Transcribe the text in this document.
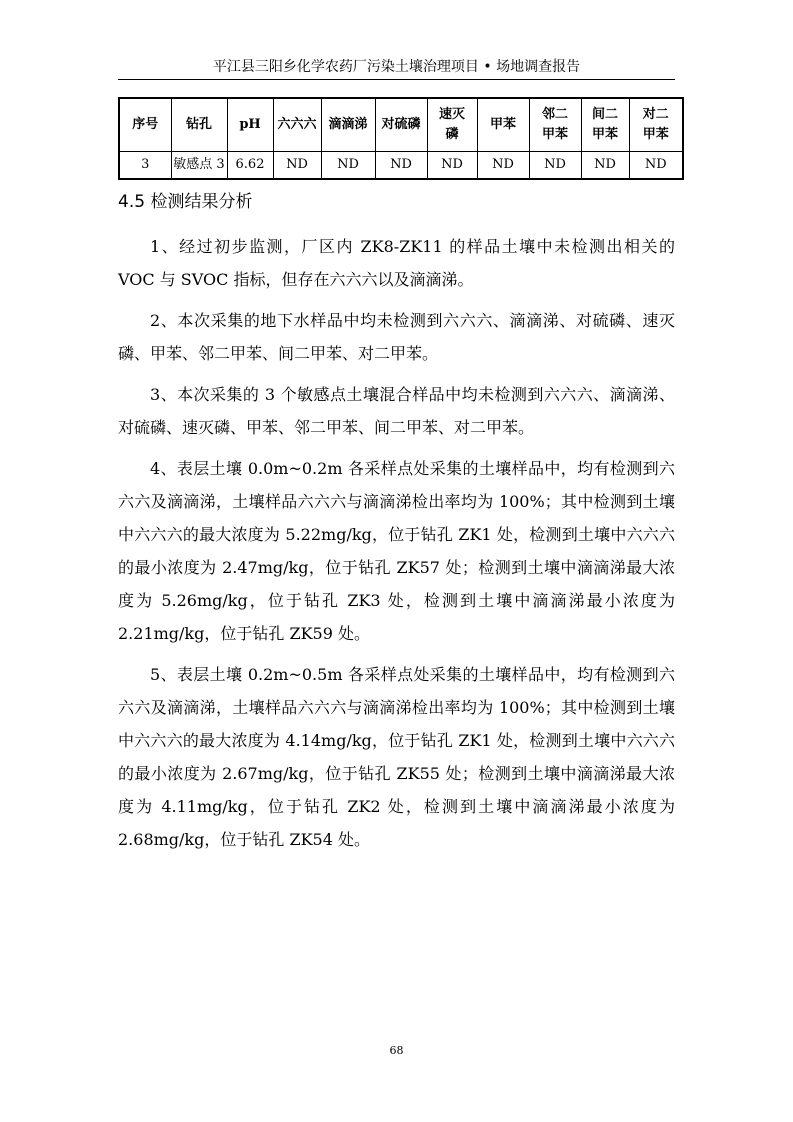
平江县三阳乡化学农药厂污染土壤治理项目 • 场地调查报告
序号	钻孔	pH	六六六	滴滴涕	对硫磷	速灭磷	甲苯	邻二甲苯	间二甲苯	对二甲苯

3	敏感点 3	6.62	ND	ND	ND	ND	ND	ND	ND	ND
4.5 检测结果分析

1、经过初步监测，厂区内 ZK8-ZK11 的样品土壤中未检测出相关的 VOC 与 SVOC 指标，但存在六六六以及滴滴涕。

2、本次采集的地下水样品中均未检测到六六六、滴滴涕、对硫磷、速灭磷、甲苯、邻二甲苯、间二甲苯、对二甲苯。

3、本次采集的 3 个敏感点土壤混合样品中均未检测到六六六、滴滴涕、对硫磷、速灭磷、甲苯、邻二甲苯、间二甲苯、对二甲苯。

4、表层土壤 0.0m~0.2m 各采样点处采集的土壤样品中，均有检测到六六六及滴滴涕，土壤样品六六六与滴滴涕检出率均为 100%；其中检测到土壤中六六六的最大浓度为 5.22mg/kg，位于钻孔 ZK1 处，检测到土壤中六六六的最小浓度为 2.47mg/kg，位于钻孔 ZK57 处；检测到土壤中滴滴涕最大浓度为 5.26mg/kg，位于钻孔 ZK3 处，检测到土壤中滴滴涕最小浓度为 2.21mg/kg，位于钻孔 ZK59 处。

5、表层土壤 0.2m~0.5m 各采样点处采集的土壤样品中，均有检测到六六六及滴滴涕，土壤样品六六六与滴滴涕检出率均为 100%；其中检测到土壤中六六六的最大浓度为 4.14mg/kg，位于钻孔 ZK1 处，检测到土壤中六六六的最小浓度为 2.67mg/kg，位于钻孔 ZK55 处；检测到土壤中滴滴涕最大浓度为 4.11mg/kg，位于钻孔 ZK2 处，检测到土壤中滴滴涕最小浓度为 2.68mg/kg，位于钻孔 ZK54 处。

68
